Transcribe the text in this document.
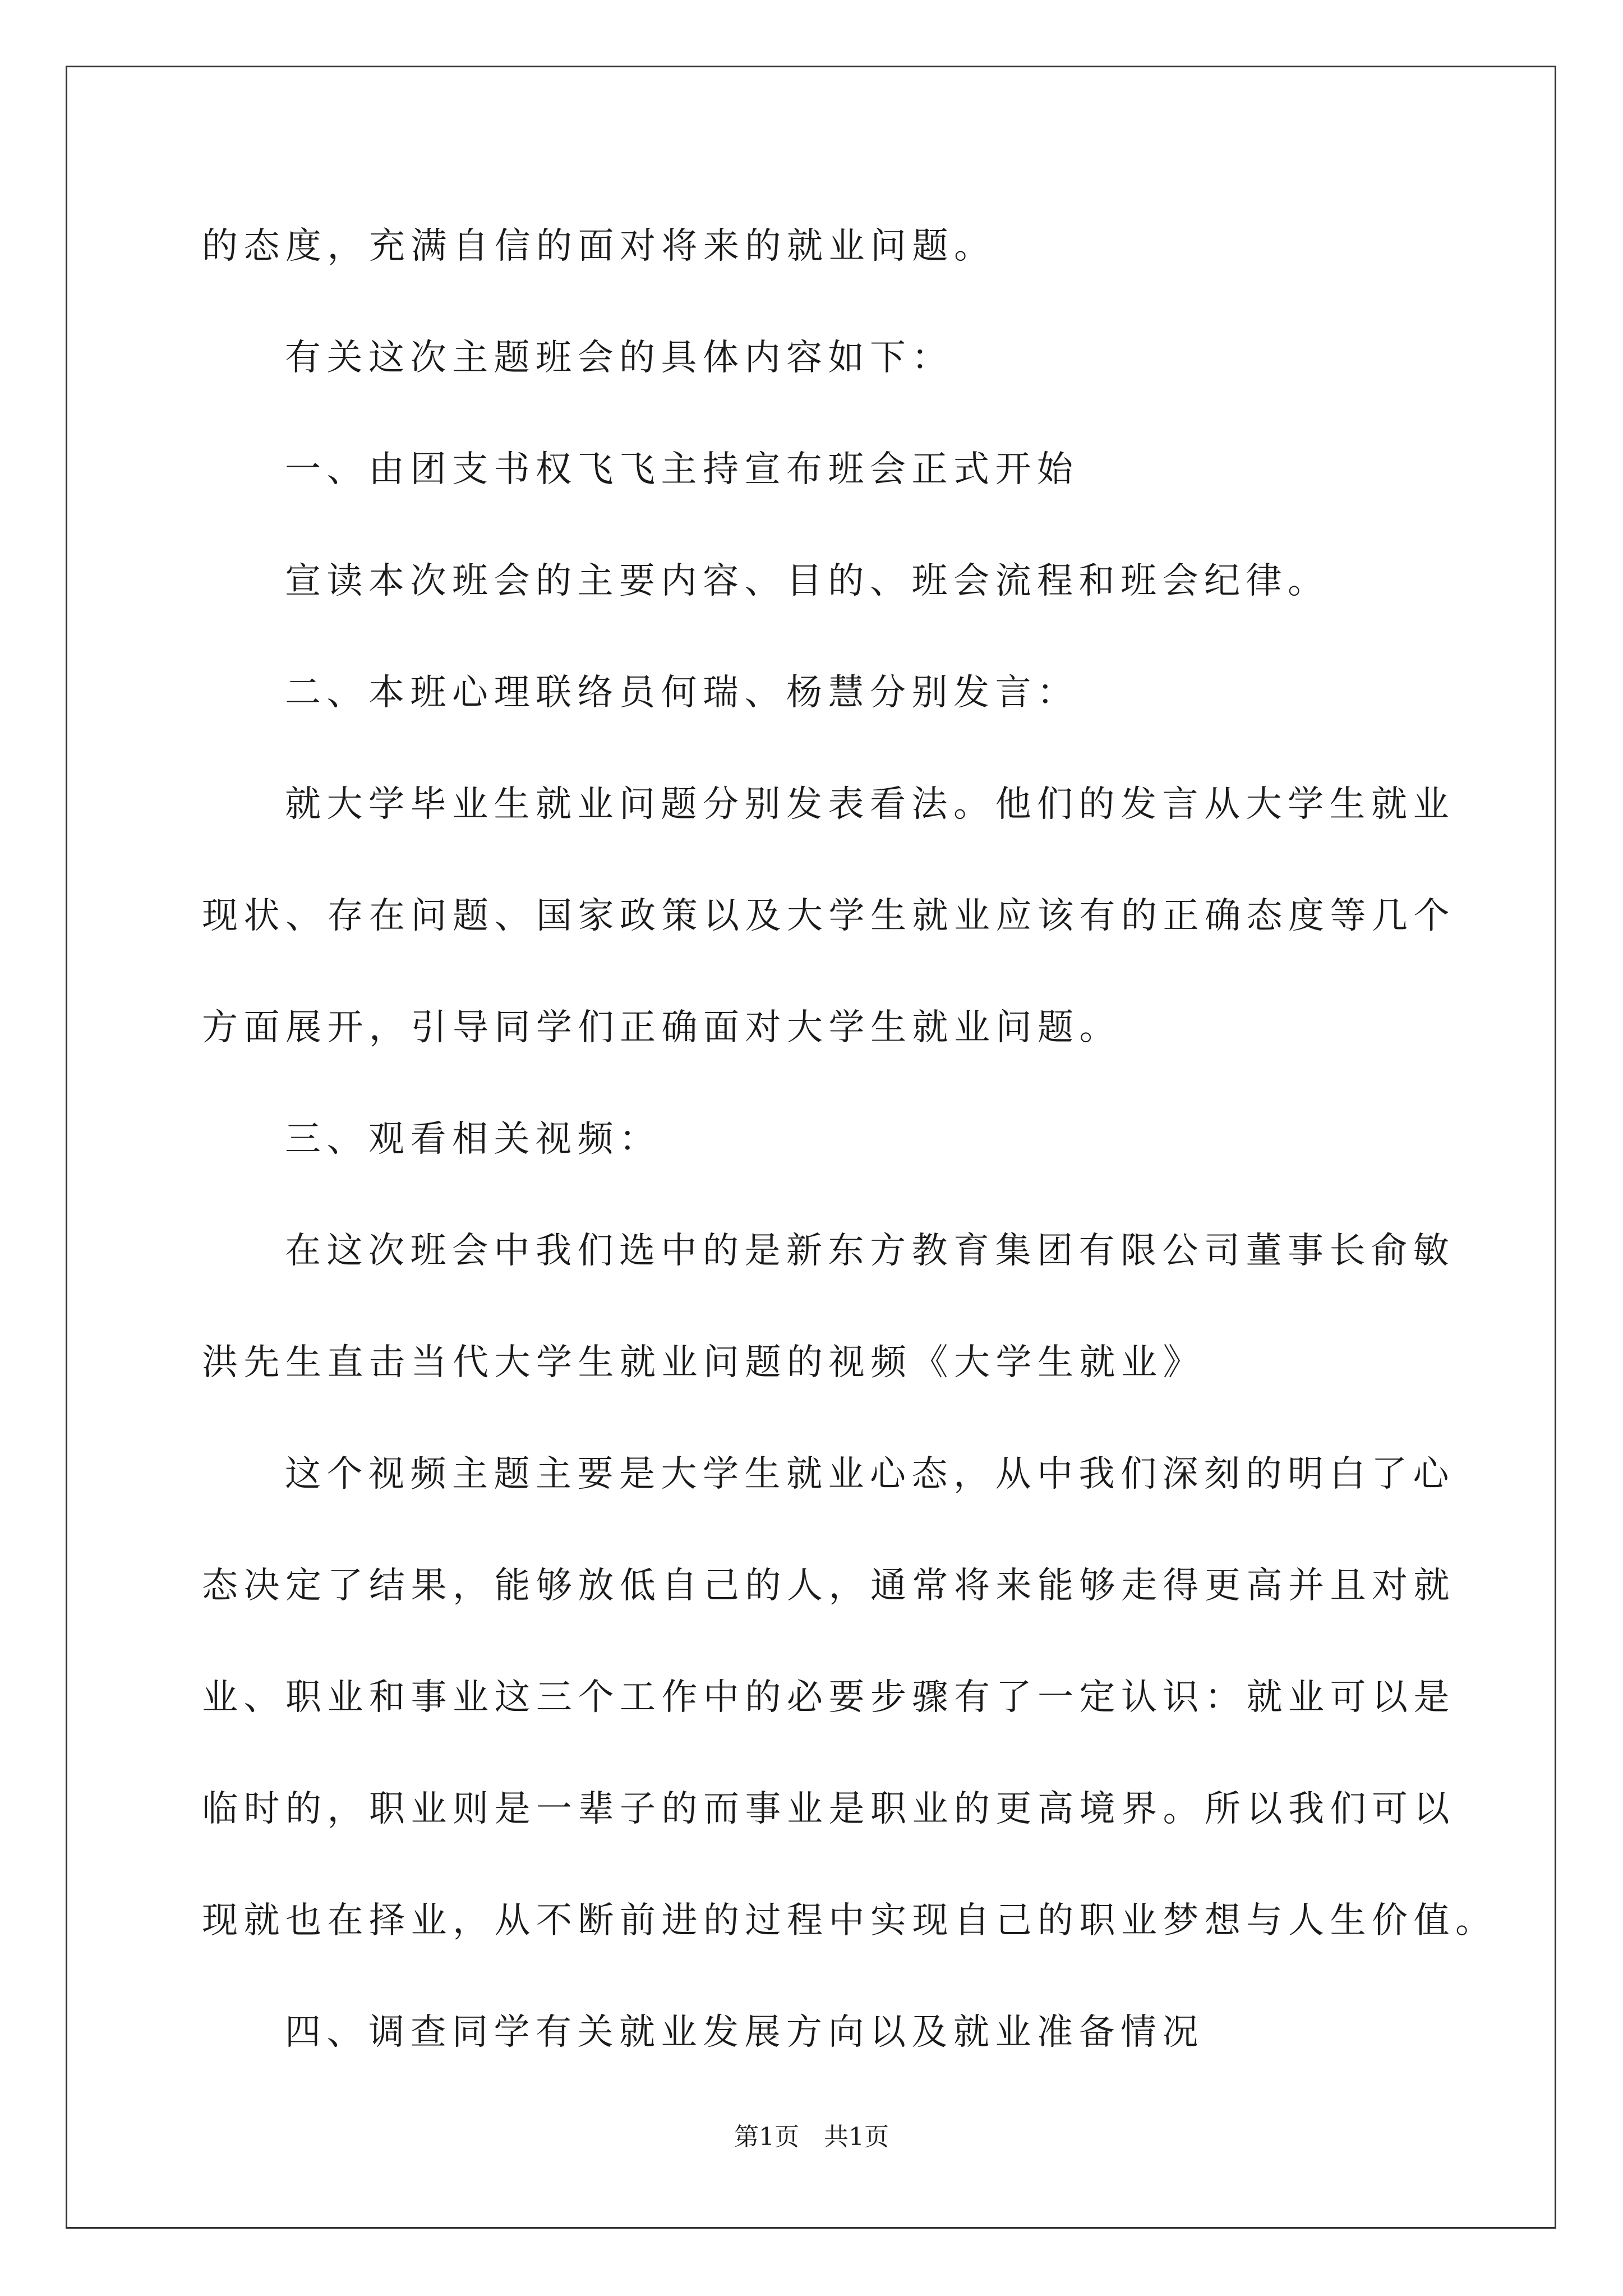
的态度，充满自信的面对将来的就业问题。
有关这次主题班会的具体内容如下：
一、由团支书权飞飞主持宣布班会正式开始
宣读本次班会的主要内容、目的、班会流程和班会纪律。
二、本班心理联络员何瑞、杨慧分别发言：
就大学毕业生就业问题分别发表看法。他们的发言从大学生就业
现状、存在问题、国家政策以及大学生就业应该有的正确态度等几个
方面展开，引导同学们正确面对大学生就业问题。
三、观看相关视频：
在这次班会中我们选中的是新东方教育集团有限公司董事长俞敏
洪先生直击当代大学生就业问题的视频《大学生就业》
这个视频主题主要是大学生就业心态，从中我们深刻的明白了心
态决定了结果，能够放低自己的人，通常将来能够走得更高并且对就
业、职业和事业这三个工作中的必要步骤有了一定认识：就业可以是
临时的，职业则是一辈子的而事业是职业的更高境界。所以我们可以
现就也在择业，从不断前进的过程中实现自己的职业梦想与人生价值。
四、调查同学有关就业发展方向以及就业准备情况
第1页　共1页
